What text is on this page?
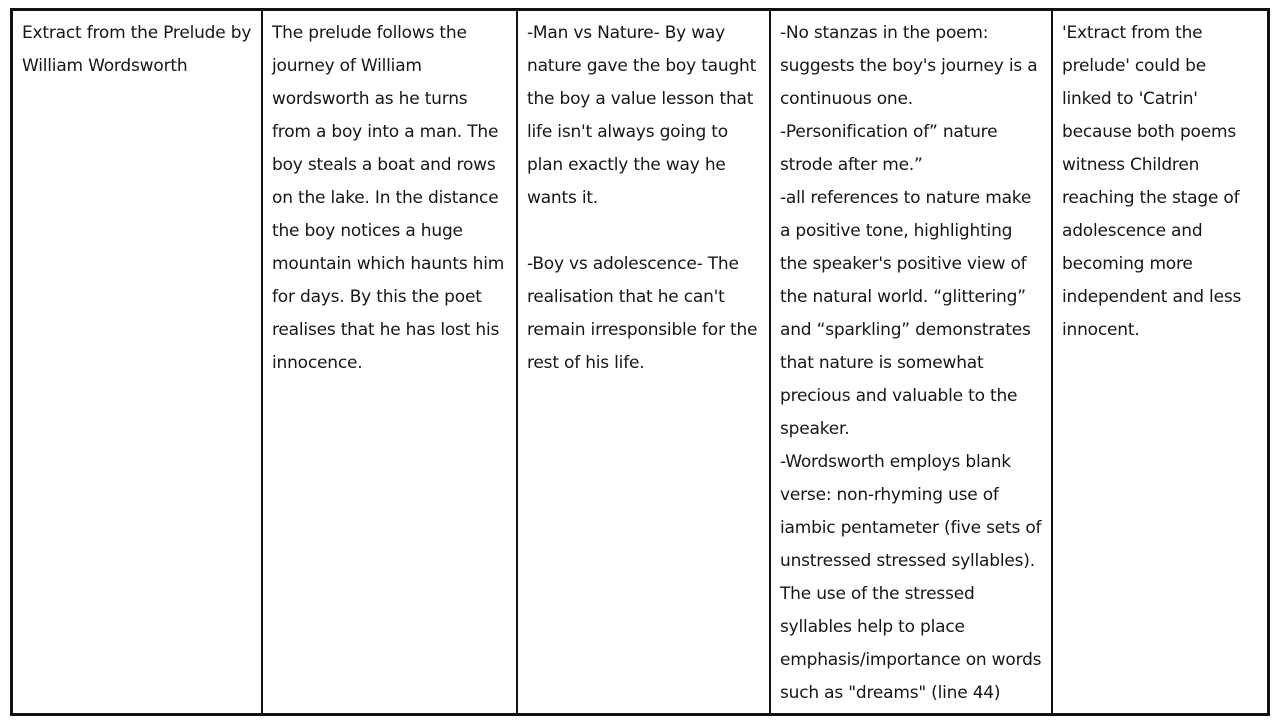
Extract from the Prelude by William Wordsworth

The prelude follows the journey of William wordsworth as he turns from a boy into a man. The boy steals a boat and rows on the lake. In the distance the boy notices a huge mountain which haunts him for days. By this the poet realises that he has lost his innocence.

-Man vs Nature- By way nature gave the boy taught the boy a value lesson that life isn't always going to plan exactly the way he wants it.

-Boy vs adolescence- The realisation that he can't remain irresponsible for the rest of his life.

-No stanzas in the poem: suggests the boy's journey is a continuous one.

-Personification of” nature strode after me.”

-all references to nature make a positive tone, highlighting the speaker's positive view of the natural world. “glittering” and “sparkling” demonstrates that nature is somewhat precious and valuable to the speaker.

-Wordsworth employs blank verse: non-rhyming use of iambic pentameter (five sets of unstressed stressed syllables). The use of the stressed syllables help to place emphasis/importance on words such as "dreams" (line 44)

'Extract from the prelude' could be linked to 'Catrin' because both poems witness Children reaching the stage of adolescence and becoming more independent and less innocent.
